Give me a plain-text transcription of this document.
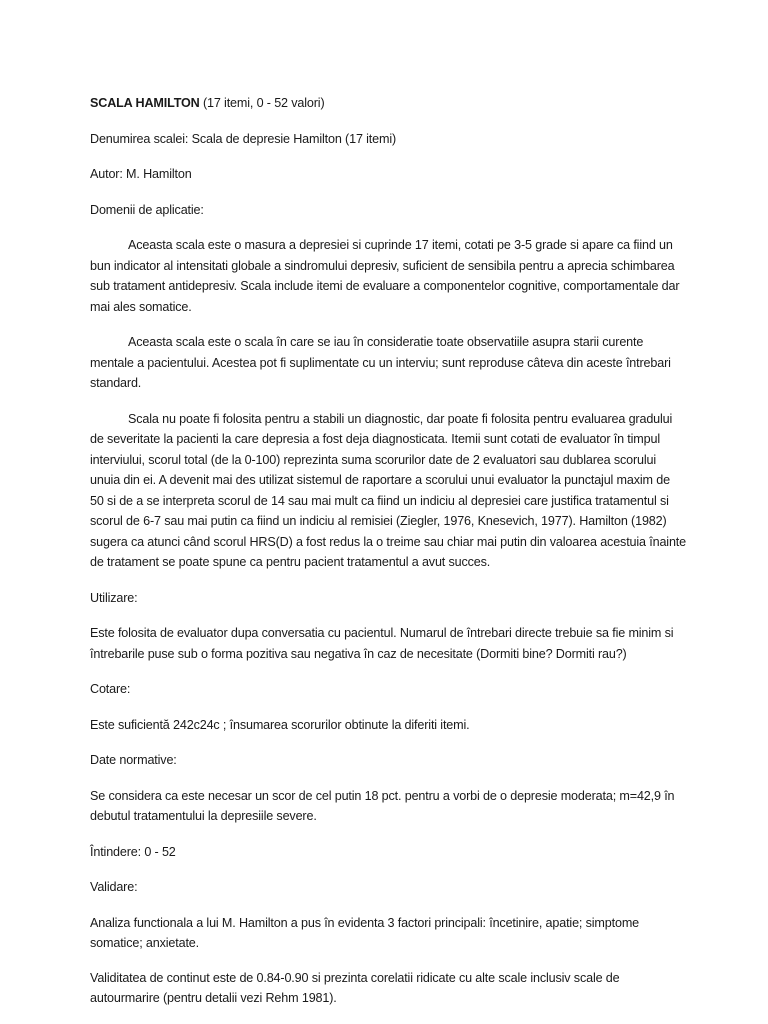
SCALA HAMILTON (17 itemi, 0 - 52 valori)

Denumirea scalei: Scala de depresie Hamilton (17 itemi)

Autor: M. Hamilton

Domenii de aplicatie:

Aceasta scala este o masura a depresiei si cuprinde 17 itemi, cotati pe 3-5 grade si apare ca fiind un bun indicator al intensitati globale a sindromului depresiv, suficient de sensibila pentru a aprecia schimbarea sub tratament antidepresiv. Scala include itemi de evaluare a componentelor cognitive, comportamentale dar mai ales somatice.

Aceasta scala este o scala în care se iau în consideratie toate observatiile asupra starii curente mentale a pacientului. Acestea pot fi suplimentate cu un interviu; sunt reproduse câteva din aceste întrebari standard.

Scala nu poate fi folosita pentru a stabili un diagnostic, dar poate fi folosita pentru evaluarea gradului de severitate la pacienti la care depresia a fost deja diagnosticata. Itemii sunt cotati de evaluator în timpul interviului, scorul total (de la 0-100) reprezinta suma scorurilor date de 2 evaluatori sau dublarea scorului unuia din ei. A devenit mai des utilizat sistemul de raportare a scorului unui evaluator la punctajul maxim de 50 si de a se interpreta scorul de 14 sau mai mult ca fiind un indiciu al depresiei care justifica tratamentul si scorul de 6-7 sau mai putin ca fiind un indiciu al remisiei (Ziegler, 1976, Knesevich, 1977). Hamilton (1982) sugera ca atunci când scorul HRS(D) a fost redus la o treime sau chiar mai putin din valoarea acestuia înainte de tratament se poate spune ca pentru pacient tratamentul a avut succes.

Utilizare:

Este folosita de evaluator dupa conversatia cu pacientul. Numarul de întrebari directe trebuie sa fie minim si întrebarile puse sub o forma pozitiva sau negativa în caz de necesitate (Dormiti bine? Dormiti rau?)

Cotare:

Este suficientă 242c24c ; însumarea scorurilor obtinute la diferiti itemi.

Date normative:

Se considera ca este necesar un scor de cel putin 18 pct. pentru a vorbi de o depresie moderata; m=42,9 în debutul tratamentului la depresiile severe.

Întindere: 0 - 52

Validare:

Analiza functionala a lui M. Hamilton a pus în evidenta 3 factori principali: încetinire, apatie; simptome somatice; anxietate.

Validitatea de continut este de 0.84-0.90 si prezinta corelatii ridicate cu alte scale inclusiv scale de autourmarire (pentru detalii vezi Rehm 1981).
